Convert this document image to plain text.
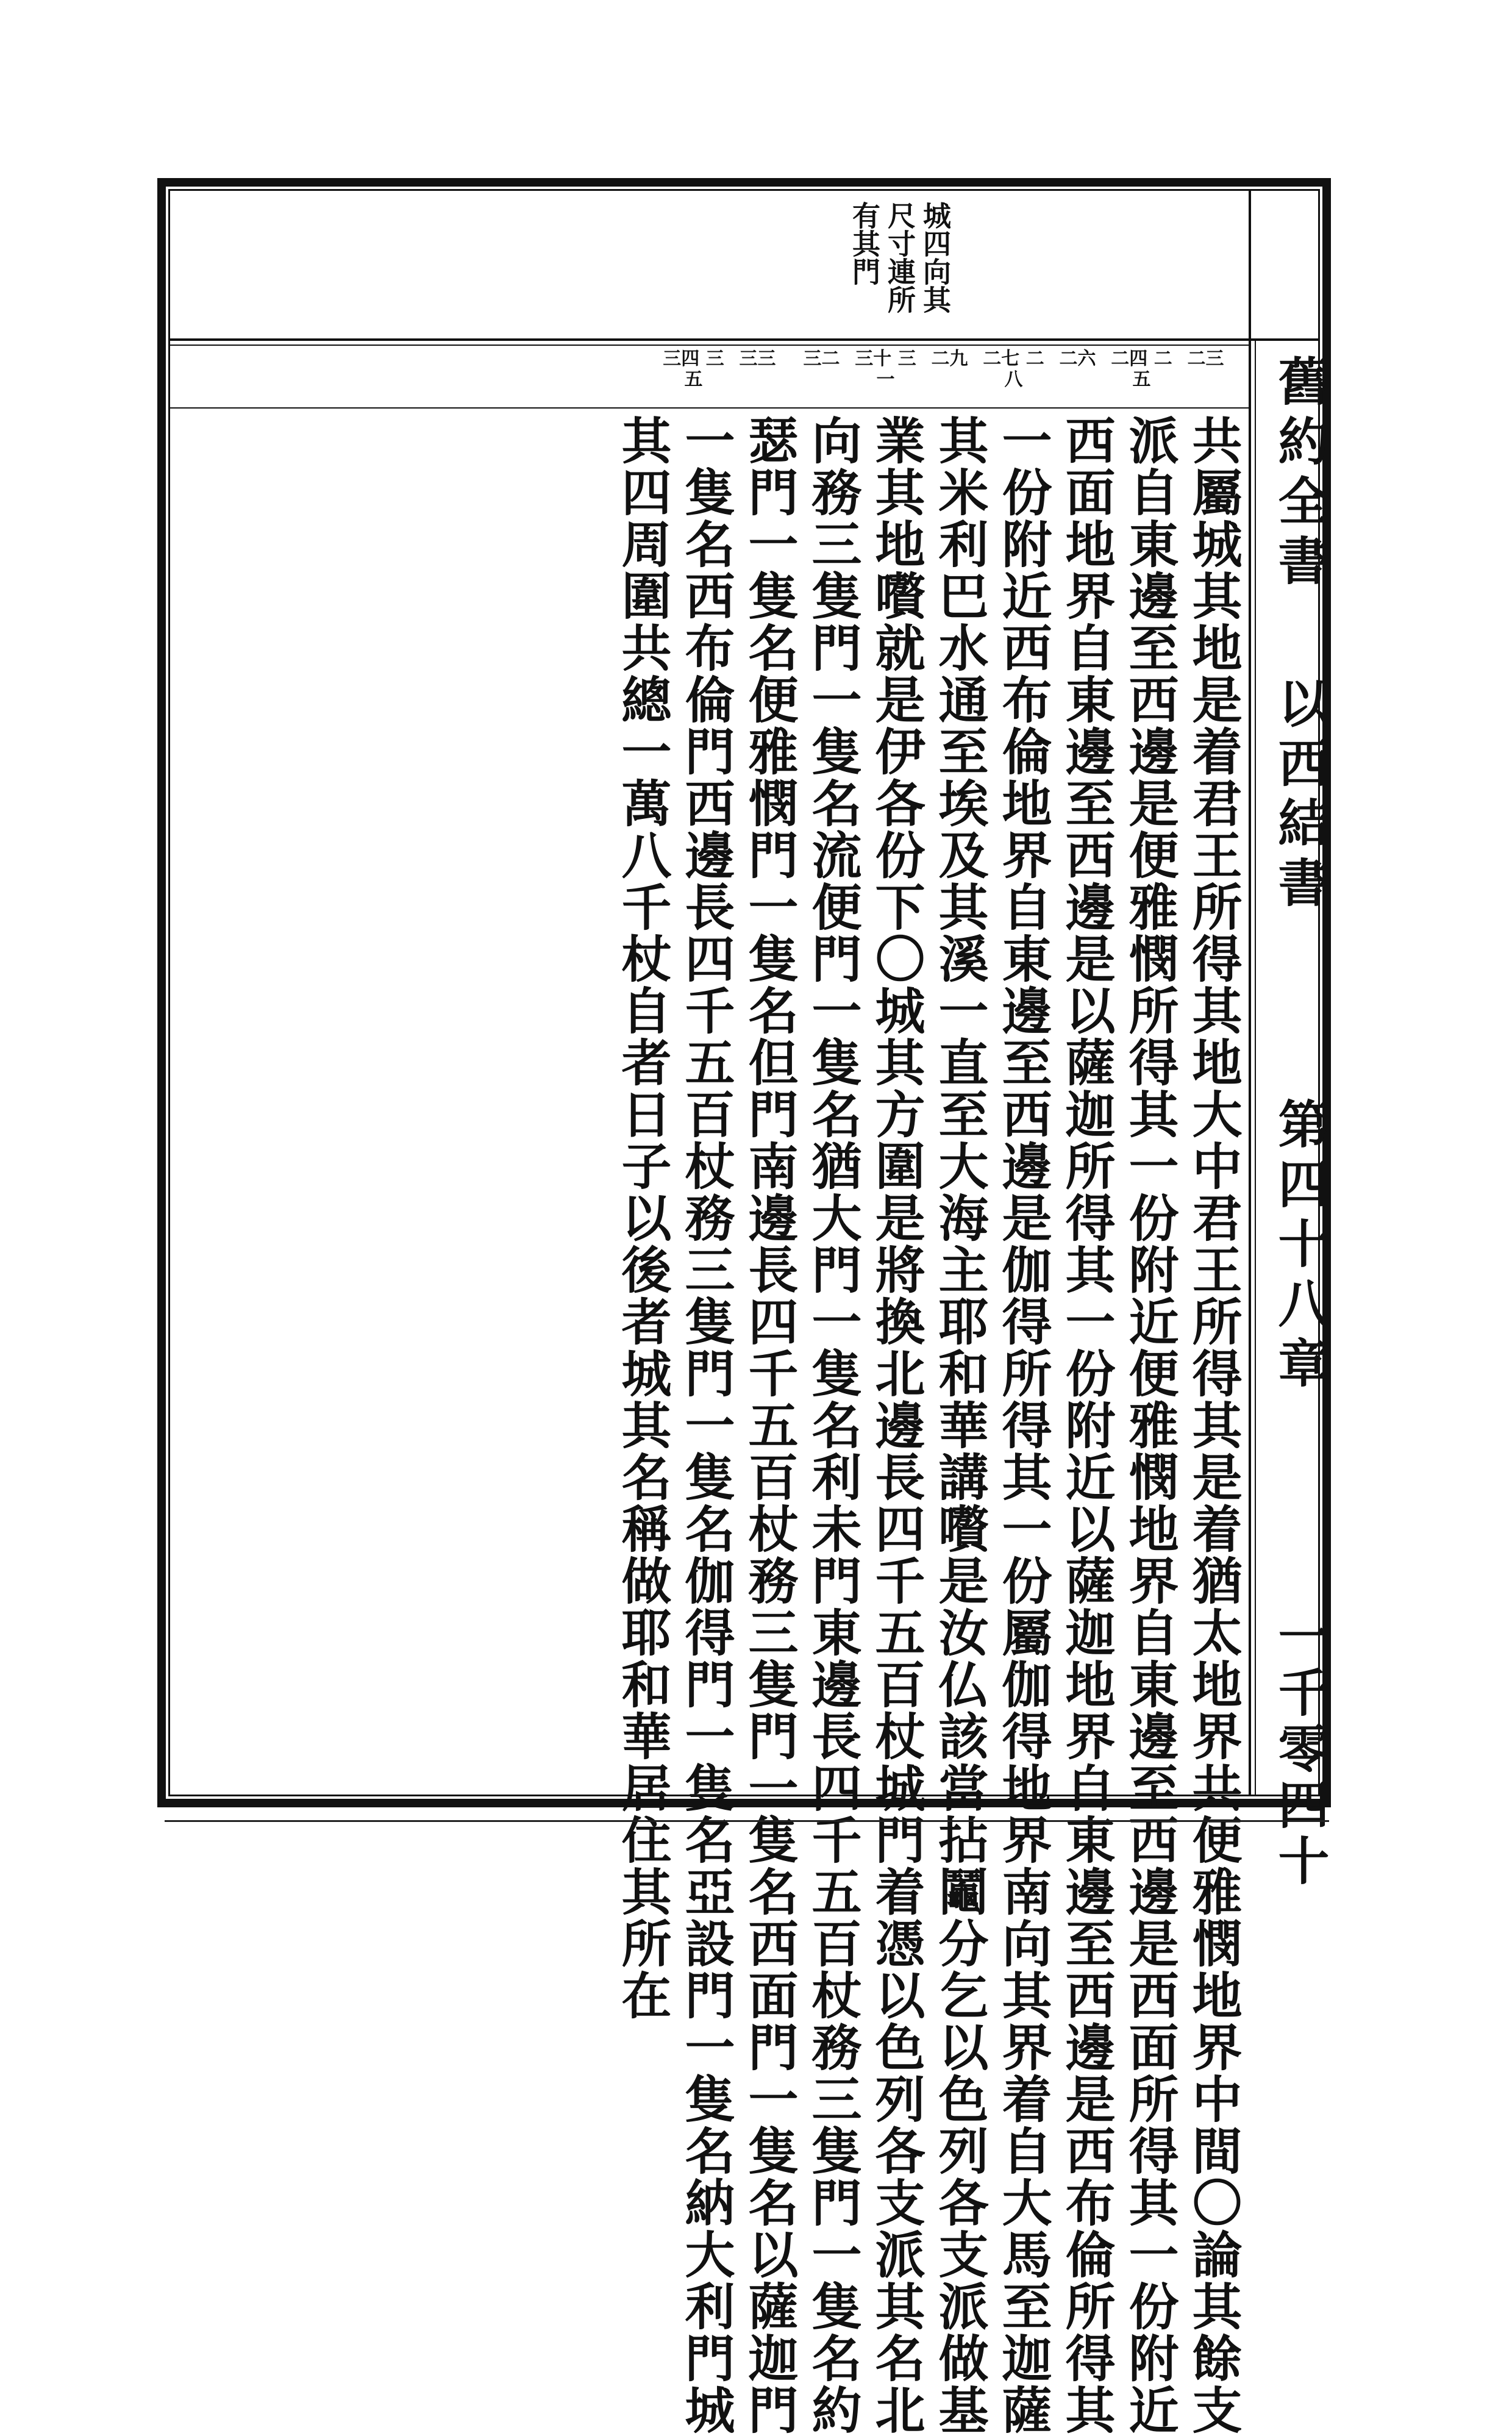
舊約全書
以西結書
第四十八章
一千零四十
城四向其
尺寸連所
有其門
二三
二四 二五
二六
二七 二八
二九
三十 三一
三二
三三
三四 三五
共屬城其地是着君王所得其地大中君王所得其是着猶太地界共便雅憫地界中間〇論其餘支
派自東邊至西邊是便雅憫所得其一份附近便雅憫地界自東邊至西邊是西面所得其一份附近
西面地界自東邊至西邊是以薩迦所得其一份附近以薩迦地界自東邊至西邊是西布倫所得其
一份附近西布倫地界自東邊至西邊是伽得所得其一份屬伽得地界南向其界着自大馬至迦薩
其米利巴水通至埃及其溪一直至大海主耶和華講嚽是汝仏該當拈鬮分乞以色列各支派做基
業其地嚽就是伊各份下〇城其方圍是將換北邊長四千五百杖城門着憑以色列各支派其名北
向務三隻門一隻名流便門一隻名猶大門一隻名利未門東邊長四千五百杖務三隻門一隻名約
瑟門一隻名便雅憫門一隻名但門南邊長四千五百杖務三隻門一隻名西面門一隻名以薩迦門
一隻名西布倫門西邊長四千五百杖務三隻門一隻名伽得門一隻名亞設門一隻名納大利門城
其四周圍共總一萬八千杖自者日子以後者城其名稱做耶和華居住其所在
